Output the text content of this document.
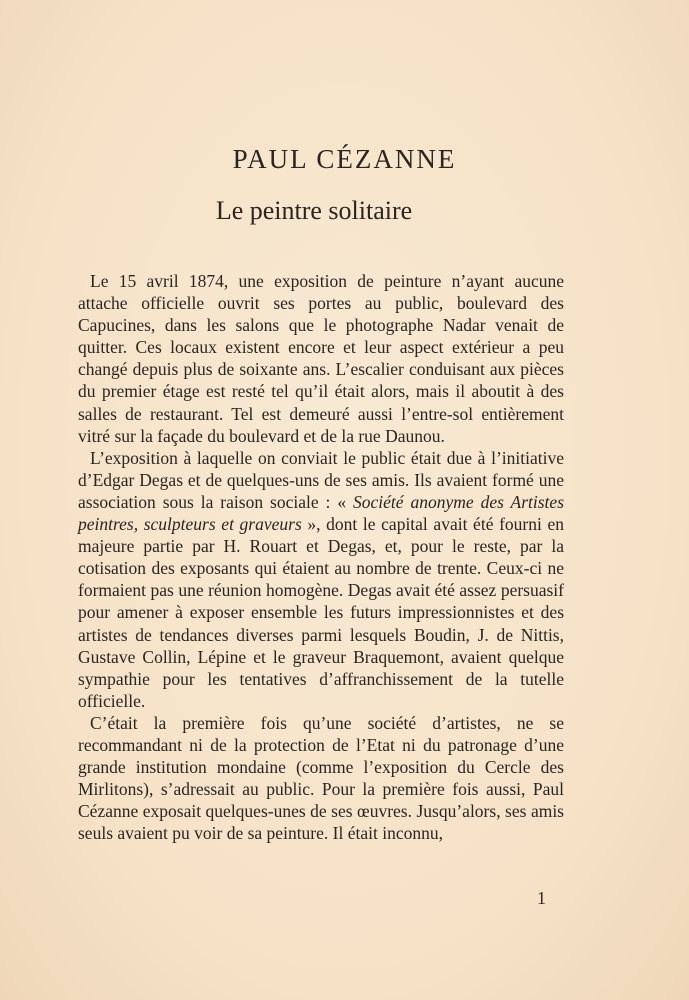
PAUL CÉZANNE
Le peintre solitaire

Le 15 avril 1874, une exposition de peinture n’ayant aucune attache officielle ouvrit ses portes au public, boulevard des Capucines, dans les salons que le photographe Nadar venait de quitter. Ces locaux existent encore et leur aspect extérieur a peu changé depuis plus de soixante ans. L’escalier conduisant aux pièces du premier étage est resté tel qu’il était alors, mais il aboutit à des salles de restaurant. Tel est demeuré aussi l’entre-sol entièrement vitré sur la façade du boulevard et de la rue Daunou.

L’exposition à laquelle on conviait le public était due à l’initiative d’Edgar Degas et de quelques-uns de ses amis. Ils avaient formé une association sous la raison sociale : « Société anonyme des Artistes peintres, sculpteurs et graveurs », dont le capital avait été fourni en majeure partie par H. Rouart et Degas, et, pour le reste, par la cotisation des exposants qui étaient au nombre de trente. Ceux-ci ne formaient pas une réunion homogène. Degas avait été assez persuasif pour amener à exposer ensemble les futurs impressionnistes et des artistes de tendances diverses parmi lesquels Boudin, J. de Nittis, Gustave Collin, Lépine et le graveur Braquemont, avaient quelque sympathie pour les tentatives d’affranchissement de la tutelle officielle.

C’était la première fois qu’une société d’artistes, ne se recommandant ni de la protection de l’Etat ni du patronage d’une grande institution mondaine (comme l’exposition du Cercle des Mirlitons), s’adressait au public. Pour la première fois aussi, Paul Cézanne exposait quelques-unes de ses œuvres. Jusqu’alors, ses amis seuls avaient pu voir de sa peinture. Il était inconnu,

1
